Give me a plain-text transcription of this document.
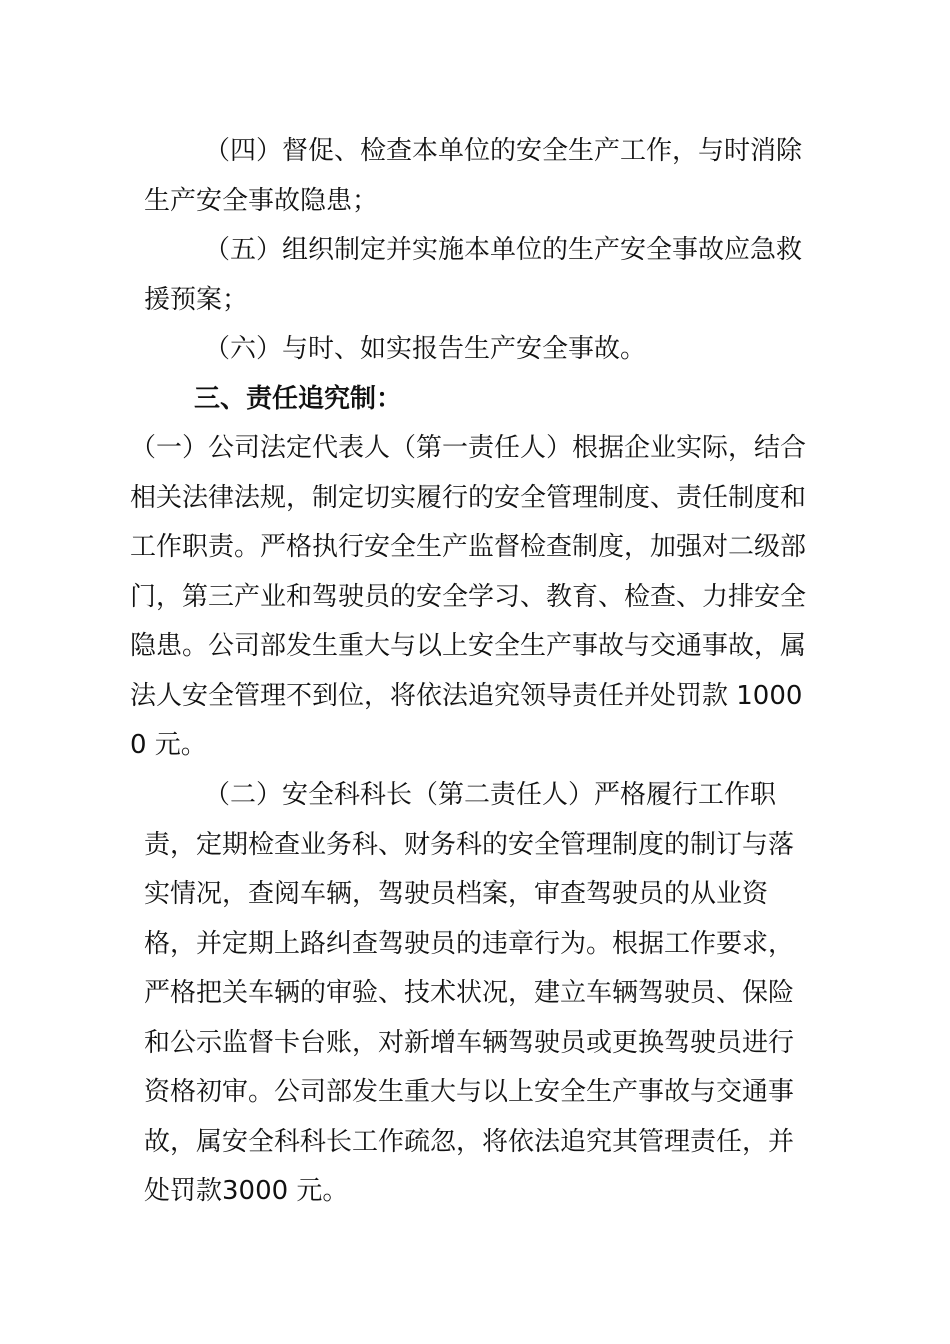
（四）督促、检查本单位的安全生产工作，与时消除生产安全事故隐患；

（五）组织制定并实施本单位的生产安全事故应急救援预案；

（六）与时、如实报告生产安全事故。

三、责任追究制：

（一）公司法定代表人（第一责任人）根据企业实际，结合相关法律法规，制定切实履行的安全管理制度、责任制度和工作职责。严格执行安全生产监督检查制度，加强对二级部门，第三产业和驾驶员的安全学习、教育、检查、力排安全隐患。公司部发生重大与以上安全生产事故与交通事故，属法人安全管理不到位，将依法追究领导责任并处罚款 10000 元。

（二）安全科科长（第二责任人）严格履行工作职责，定期检查业务科、财务科的安全管理制度的制订与落实情况，查阅车辆，驾驶员档案，审查驾驶员的从业资格，并定期上路纠查驾驶员的违章行为。根据工作要求，严格把关车辆的审验、技术状况，建立车辆驾驶员、保险和公示监督卡台账，对新增车辆驾驶员或更换驾驶员进行资格初审。公司部发生重大与以上安全生产事故与交通事故，属安全科科长工作疏忽，将依法追究其管理责任，并处罚款3000 元。
